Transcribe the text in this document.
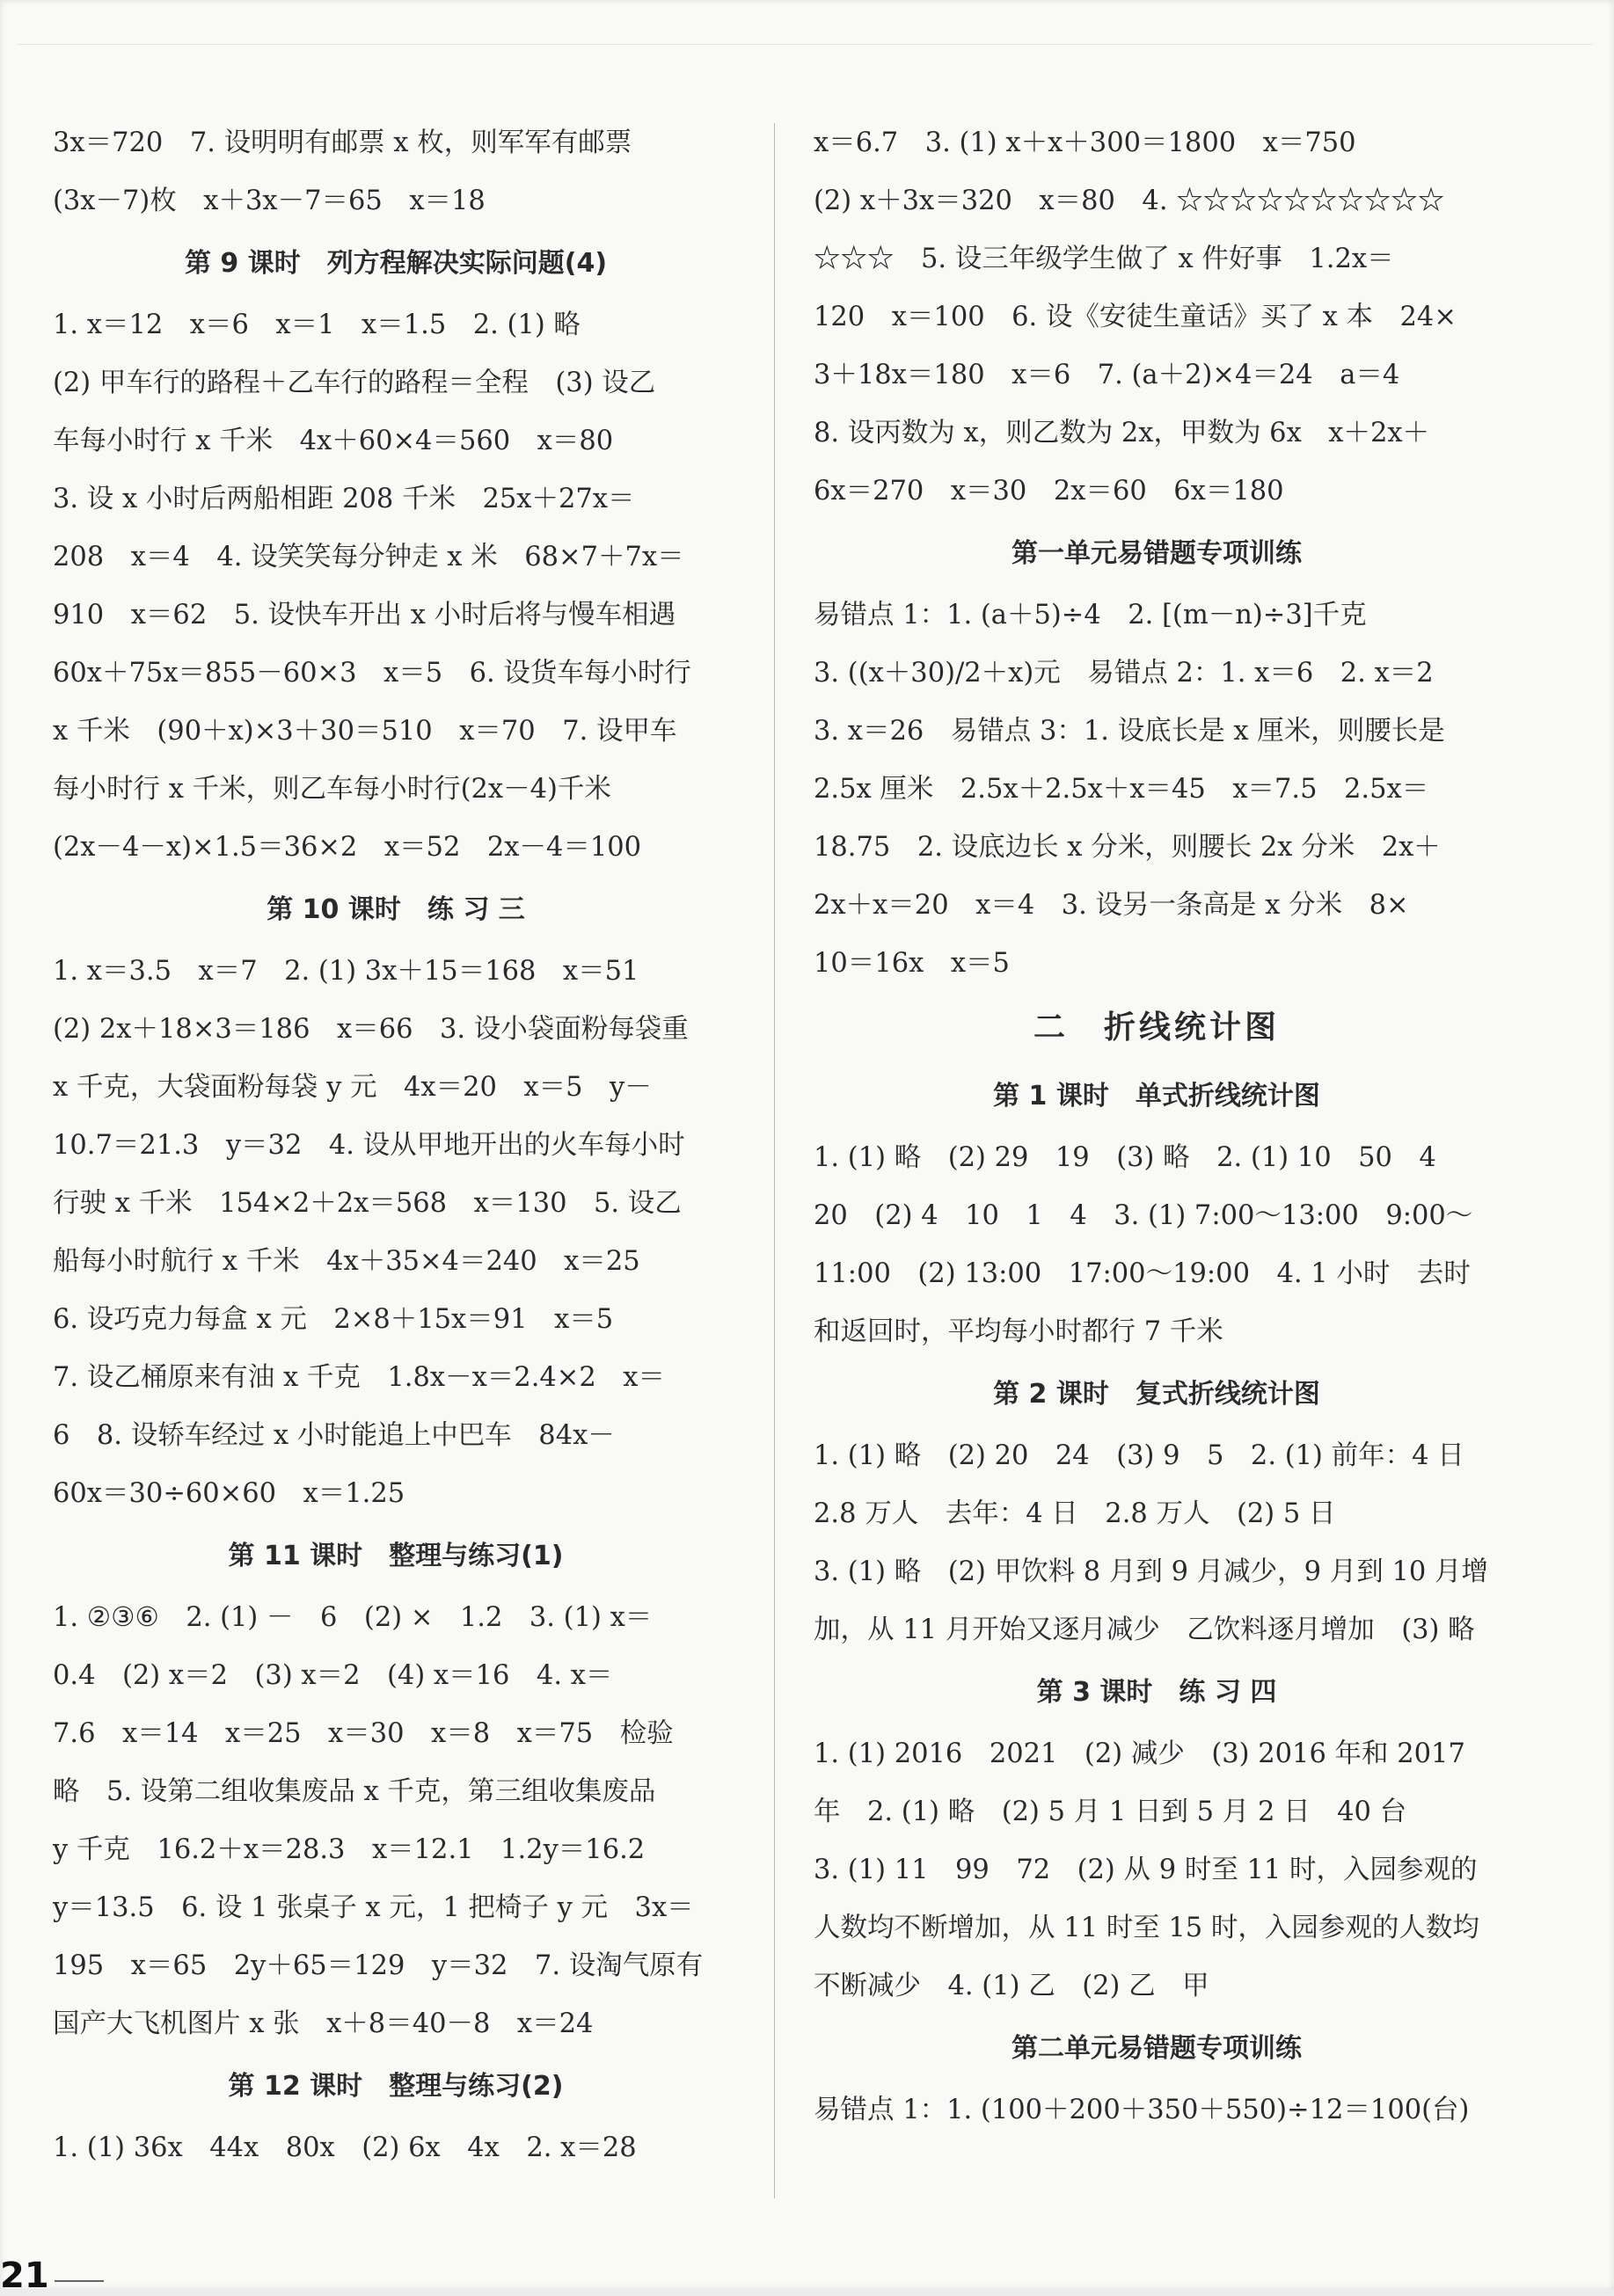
3x＝720　7. 设明明有邮票 x 枚，则军军有邮票
(3x－7)枚　x＋3x－7＝65　x＝18
第 9 课时　列方程解决实际问题(4)
1. x＝12　x＝6　x＝1　x＝1.5　2. (1) 略
(2) 甲车行的路程＋乙车行的路程＝全程　(3) 设乙
车每小时行 x 千米　4x＋60×4＝560　x＝80
3. 设 x 小时后两船相距 208 千米　25x＋27x＝
208　x＝4　4. 设笑笑每分钟走 x 米　68×7＋7x＝
910　x＝62　5. 设快车开出 x 小时后将与慢车相遇
60x＋75x＝855－60×3　x＝5　6. 设货车每小时行
x 千米　(90＋x)×3＋30＝510　x＝70　7. 设甲车
每小时行 x 千米，则乙车每小时行(2x－4)千米
(2x－4－x)×1.5＝36×2　x＝52　2x－4＝100
第 10 课时　练 习 三
1. x＝3.5　x＝7　2. (1) 3x＋15＝168　x＝51
(2) 2x＋18×3＝186　x＝66　3. 设小袋面粉每袋重
x 千克，大袋面粉每袋 y 元　4x＝20　x＝5　y－
10.7＝21.3　y＝32　4. 设从甲地开出的火车每小时
行驶 x 千米　154×2＋2x＝568　x＝130　5. 设乙
船每小时航行 x 千米　4x＋35×4＝240　x＝25
6. 设巧克力每盒 x 元　2×8＋15x＝91　x＝5
7. 设乙桶原来有油 x 千克　1.8x－x＝2.4×2　x＝
6　8. 设轿车经过 x 小时能追上中巴车　84x－
60x＝30÷60×60　x＝1.25
第 11 课时　整理与练习(1)
1. ②③⑥　2. (1) －　6　(2) ×　1.2　3. (1) x＝
0.4　(2) x＝2　(3) x＝2　(4) x＝16　4. x＝
7.6　x＝14　x＝25　x＝30　x＝8　x＝75　检验
略　5. 设第二组收集废品 x 千克，第三组收集废品
y 千克　16.2＋x＝28.3　x＝12.1　1.2y＝16.2
y＝13.5　6. 设 1 张桌子 x 元，1 把椅子 y 元　3x＝
195　x＝65　2y＋65＝129　y＝32　7. 设淘气原有
国产大飞机图片 x 张　x＋8＝40－8　x＝24
第 12 课时　整理与练习(2)
1. (1) 36x　44x　80x　(2) 6x　4x　2. x＝28
x＝6.7　3. (1) x＋x＋300＝1800　x＝750
(2) x＋3x＝320　x＝80　4. ☆☆☆☆☆☆☆☆☆☆
☆☆☆　5. 设三年级学生做了 x 件好事　1.2x＝
120　x＝100　6. 设《安徒生童话》买了 x 本　24×
3＋18x＝180　x＝6　7. (a＋2)×4＝24　a＝4
8. 设丙数为 x，则乙数为 2x，甲数为 6x　x＋2x＋
6x＝270　x＝30　2x＝60　6x＝180
第一单元易错题专项训练
易错点 1：1. (a＋5)÷4　2. [(m－n)÷3]千克
3. ((x＋30)/2＋x)元　易错点 2：1. x＝6　2. x＝2
3. x＝26　易错点 3：1. 设底长是 x 厘米，则腰长是
2.5x 厘米　2.5x＋2.5x＋x＝45　x＝7.5　2.5x＝
18.75　2. 设底边长 x 分米，则腰长 2x 分米　2x＋
2x＋x＝20　x＝4　3. 设另一条高是 x 分米　8×
10＝16x　x＝5
二　折线统计图
第 1 课时　单式折线统计图
1. (1) 略　(2) 29　19　(3) 略　2. (1) 10　50　4
20　(2) 4　10　1　4　3. (1) 7:00～13:00　9:00～
11:00　(2) 13:00　17:00～19:00　4. 1 小时　去时
和返回时，平均每小时都行 7 千米
第 2 课时　复式折线统计图
1. (1) 略　(2) 20　24　(3) 9　5　2. (1) 前年：4 日
2.8 万人　去年：4 日　2.8 万人　(2) 5 日
3. (1) 略　(2) 甲饮料 8 月到 9 月减少，9 月到 10 月增
加，从 11 月开始又逐月减少　乙饮料逐月增加　(3) 略
第 3 课时　练 习 四
1. (1) 2016　2021　(2) 减少　(3) 2016 年和 2017
年　2. (1) 略　(2) 5 月 1 日到 5 月 2 日　40 台
3. (1) 11　99　72　(2) 从 9 时至 11 时，入园参观的
人数均不断增加，从 11 时至 15 时，入园参观的人数均
不断减少　4. (1) 乙　(2) 乙　甲
第二单元易错题专项训练
易错点 1：1. (100＋200＋350＋550)÷12＝100(台)
21
